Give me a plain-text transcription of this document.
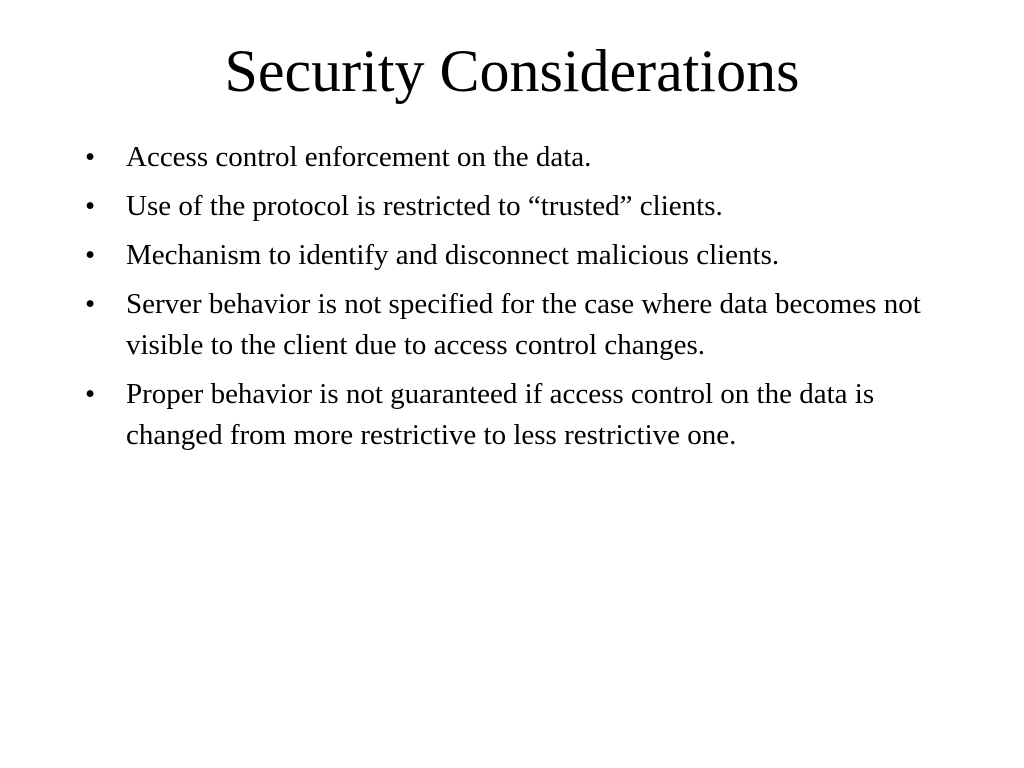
Security Considerations
•	Access control enforcement on the data.
•	Use of the protocol is restricted to “trusted” clients.
•	Mechanism to identify and disconnect malicious clients.
•	Server behavior is not specified for the case where data becomes not visible to the client due to access control changes.
•	Proper behavior is not guaranteed if access control on the data is changed from more restrictive to less restrictive one.
